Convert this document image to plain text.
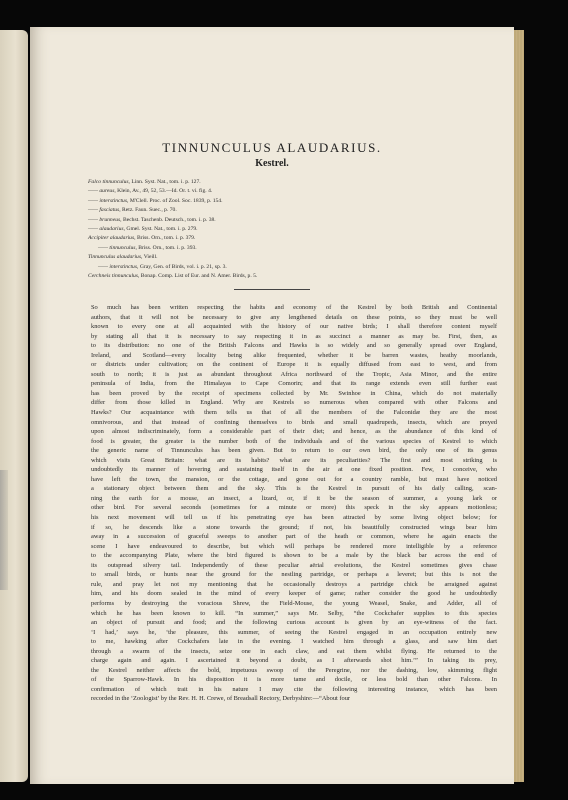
TINNUNCULUS ALAUDARIUS.
Kestrel.
Falco tinnunculus, Linn. Syst. Nat., tom. i. p. 127.
—— aureus, Klein, Av., 49, 52, 53.—Id. Or. t. vi. fig. 4.
—— interstinctus, M'Clell. Proc. of Zool. Soc. 1839, p. 154.
—— fasciatus, Retz. Faun. Suec., p. 70.
—— brunneus, Bechst. Taschenb. Deutsch., tom. i. p. 38.
—— alaudarius, Gmel. Syst. Nat., tom. i. p. 279.
Accipiter alaudarius, Briss. Orn., tom. i. p. 379.
—— tinnunculus, Briss. Orn., tom. i. p. 393.
Tinnunculus alaudarius, Vieill.
—— interstinctus, Gray, Gen. of Birds, vol. i. p. 21, sp. 3.
Cerchneis tinnunculus, Bonap. Comp. List of Eur. and N. Amer. Birds, p. 5.
So much has been written respecting the habits and economy of the Kestrel by both British and Continental
authors, that it will not be necessary to give any lengthened details on these points, so they must be well
known to every one at all acquainted with the history of our native birds; I shall therefore content myself
by stating all that it is necessary to say respecting it in as succinct a manner as may be. First, then, as
to its distribution: no one of the British Falcons and Hawks is so widely and so generally spread over England,
Ireland, and Scotland—every locality being alike frequented, whether it be barren wastes, heathy moorlands,
or districts under cultivation; on the continent of Europe it is equally diffused from east to west, and from
south to north; it is just as abundant throughout Africa northward of the Tropic, Asia Minor, and the entire
peninsula of India, from the Himalayas to Cape Comorin; and that its range extends even still further east
has been proved by the receipt of specimens collected by Mr. Swinhoe in China, which do not materially
differ from those killed in England. Why are Kestrels so numerous when compared with other Falcons and
Hawks? Our acquaintance with them tells us that of all the members of the Falconidæ they are the most
omnivorous, and that instead of confining themselves to birds and small quadrupeds, insects, which are preyed
upon almost indiscriminately, form a considerable part of their diet; and hence, as the abundance of this kind of
food is greater, the greater is the number both of the individuals and of the various species of Kestrel to which
the generic name of Tinnunculus has been given. But to return to our own bird, the only one of its genus
which visits Great Britain: what are its habits? what are its peculiarities? The first and most striking is
undoubtedly its manner of hovering and sustaining itself in the air at one fixed position. Few, I conceive, who
have left the town, the mansion, or the cottage, and gone out for a country ramble, but must have noticed
a stationary object between them and the sky. This is the Kestrel in pursuit of his daily calling, scan-
ning the earth for a mouse, an insect, a lizard, or, if it be the season of summer, a young lark or
other bird. For several seconds (sometimes for a minute or more) this speck in the sky appears motionless;
his next movement will tell us if his penetrating eye has been attracted by some living object below; for
if so, he descends like a stone towards the ground; if not, his beautifully constructed wings bear him
away in a succession of graceful sweeps to another part of the heath or common, where he again enacts the
scene I have endeavoured to describe, but which will perhaps be rendered more intelligible by a reference
to the accompanying Plate, where the bird figured is shown to be a male by the black bar across the end of
its outspread silvery tail. Independently of these peculiar aërial evolutions, the Kestrel sometimes gives chase
to small birds, or hunts near the ground for the nestling partridge, or perhaps a leveret; but this is not the
rule, and pray let not my mentioning that he occasionally destroys a partridge chick be arraigned against
him, and his doom sealed in the mind of every keeper of game; rather consider the good he undoubtedly
performs by destroying the voracious Shrew, the Field-Mouse, the young Weasel, Snake, and Adder, all of
which he has been known to kill. “In summer,” says Mr. Selby, “the Cockchafer supplies to this species
an object of pursuit and food; and the following curious account is given by an eye-witness of the fact.
‘I had,’ says he, ‘the pleasure, this summer, of seeing the Kestrel engaged in an occupation entirely new
to me, hawking after Cockchafers late in the evening. I watched him through a glass, and saw him dart
through a swarm of the insects, seize one in each claw, and eat them whilst flying. He returned to the
charge again and again. I ascertained it beyond a doubt, as I afterwards shot him.’” In taking its prey,
the Kestrel neither affects the bold, impetuous swoop of the Peregrine, nor the dashing, low, skimming flight
of the Sparrow-Hawk. In his disposition it is more tame and docile, or less bold than other Falcons. In
confirmation of which trait in his nature I may cite the following interesting instance, which has been
recorded in the ‘Zoologist’ by the Rev. H. H. Crewe, of Breadsall Rectory, Derbyshire:—“About four
